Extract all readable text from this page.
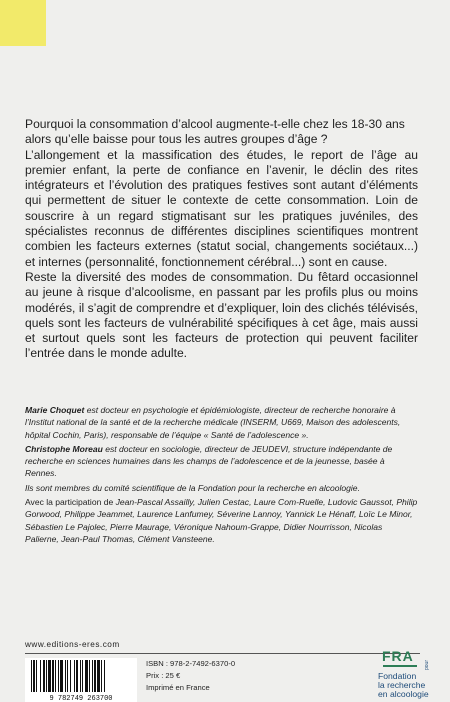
Pourquoi la consommation d’alcool augmente-t-elle chez les 18-30 ans alors qu’elle baisse pour tous les autres groupes d’âge ?

L’allongement et la massification des études, le report de l’âge au premier enfant, la perte de confiance en l’avenir, le déclin des rites intégrateurs et l’évolution des pratiques festives sont autant d’éléments qui permettent de situer le contexte de cette consommation. Loin de souscrire à un regard stigmatisant sur les pratiques juvéniles, des spécialistes reconnus de différentes disciplines scientifiques montrent combien les facteurs externes (statut social, changements sociétaux...) et internes (personnalité, fonctionnement cérébral...) sont en cause.

Reste la diversité des modes de consommation. Du fêtard occasionnel au jeune à risque d’alcoolisme, en passant par les profils plus ou moins modérés, il s’agit de comprendre et d’expliquer, loin des clichés télévisés, quels sont les facteurs de vulnérabilité spécifiques à cet âge, mais aussi et surtout quels sont les facteurs de protection qui peuvent faciliter l’entrée dans le monde adulte.

Marie Choquet est docteur en psychologie et épidémiologiste, directeur de recherche honoraire à l’Institut national de la santé et de la recherche médicale (INSERM, U669, Maison des adolescents, hôpital Cochin, Paris), responsable de l’équipe « Santé de l’adolescence ».

Christophe Moreau est docteur en sociologie, directeur de JEUDEVI, structure indépendante de recherche en sciences humaines dans les champs de l’adolescence et de la jeunesse, basée à Rennes.

Ils sont membres du comité scientifique de la Fondation pour la recherche en alcoologie.

Avec la participation de Jean-Pascal Assailly, Julien Cestac, Laure Com-Ruelle, Ludovic Gaussot, Philip Gorwood, Philippe Jeammet, Laurence Lanfumey, Séverine Lannoy, Yannick Le Hénaff, Loïc Le Minor, Sébastien Le Pajolec, Pierre Maurage, Véronique Nahoum-Grappe, Didier Nourrisson, Nicolas Palierne, Jean-Paul Thomas, Clément Vansteene.

www.editions-eres.com
9 782749 263700
ISBN : 978-2-7492-6370-0
Prix : 25 €
Imprimé en France
FRA
Fondation
pour
la recherche
en alcoologie
